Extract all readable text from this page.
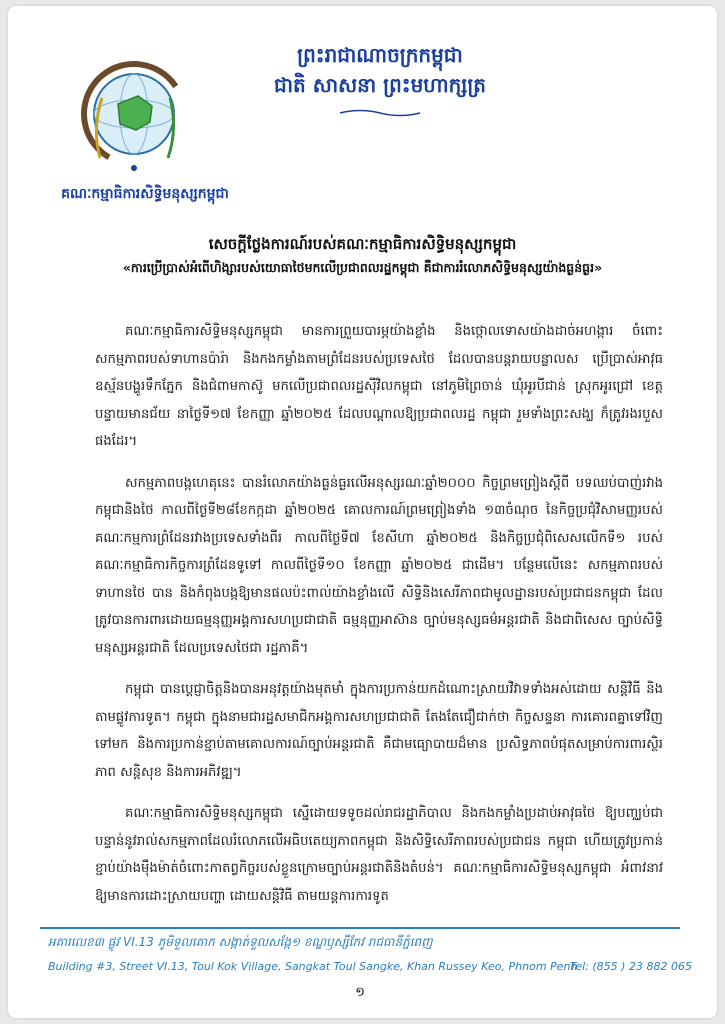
គណៈកម្មាធិការសិទ្ធិមនុស្សកម្ពុជា
ព្រះរាជាណាចក្រកម្ពុជា
ជាតិ សាសនា ព្រះមហាក្សត្រ
សេចក្តីថ្លែងការណ៍របស់គណៈកម្មាធិការសិទ្ធិមនុស្សកម្ពុជា
«ការប្រើប្រាស់អំពើហិង្សារបស់យោធាថៃមកលើប្រជាពលរដ្ឋកម្ពុជា គឺជាការរំលោភសិទ្ធិមនុស្សយ៉ាងធ្ងន់ធ្ងរ»

គណៈកម្មាធិការសិទ្ធិមនុស្សកម្ពុជា មានការព្រួយបារម្ភយ៉ាងខ្លាំង និងថ្កោលទោសយ៉ាងដាច់អហង្ការ ចំពោះសកម្មភាពរបស់ទាហានប៉ារ៉ា និងកងកម្លាំងតាមព្រំដែនរបស់ប្រទេសថៃ ដែលបានបន្តរាយបន្លាលស ប្រើប្រាស់អាវុធ ឧស្ម័នបង្ហូរទឹកភ្នែក និងជំពាមកាស៊ូ មកលើប្រជាពលរដ្ឋស៊ីវិលកម្ពុជា នៅភូមិព្រៃចាន់ ឃុំអូរបីជាន់ ស្រុកអូរជ្រៅ ខេត្តបន្ទាយមានជ័យ នាថ្ងៃទី១៧ ខែកញ្ញា ឆ្នាំ២០២៥ ដែលបណ្តាលឱ្យប្រជាពលរដ្ឋ កម្ពុជា រួមទាំងព្រះសង្ឃ ក៏ត្រូវរងរបួសផងដែរ។

សកម្មភាពបង្កហេតុនេះ បានរំលោភយ៉ាងធ្ងន់ធ្ងរលើអនុស្សរណៈឆ្នាំ២០០០ កិច្ចព្រមព្រៀងស្តីពី បទឈប់បាញ់រវាងកម្ពុជានិងថៃ កាលពីថ្ងៃទី២៨ខែកក្កដា ឆ្នាំ២០២៥ គោលការណ៍ព្រមព្រៀងទាំង ១៣ចំណុច នៃកិច្ចប្រជុំវិសាមញ្ញរបស់គណៈកម្មការព្រំដែនរវាងប្រទេសទាំងពីរ កាលពីថ្ងៃទី៧ ខែសីហា ឆ្នាំ២០២៥ និងកិច្ចប្រជុំពិសេសលើកទី១ របស់គណៈកម្មាធិការកិច្ចការព្រំដែនទូទៅ កាលពីថ្ងៃទី១០ ខែកញ្ញា ឆ្នាំ២០២៥ ជាដើម។ បន្ថែមលើនេះ សកម្មភាពរបស់ទាហានថៃ បាន និងកំពុងបង្កឱ្យមានផលប៉ះពាល់យ៉ាងខ្លាំងលើ សិទ្ធិនិងសេរីភាពជាមូលដ្ឋានរបស់ប្រជាជនកម្ពុជា ដែលត្រូវបានការពារដោយធម្មនុញ្ញអង្គការសហប្រជាជាតិ ធម្មនុញ្ញអាស៊ាន ច្បាប់មនុស្សធម៌អន្តរជាតិ និងជាពិសេស ច្បាប់សិទ្ធិមនុស្សអន្តរជាតិ ដែលប្រទេសថៃជា រដ្ឋភាគី។

កម្ពុជា បានប្តេជ្ញាចិត្តនិងបានអនុវត្តយ៉ាងមុតមាំ ក្នុងការប្រកាន់យកដំណោះស្រាយវិវាទទាំងអស់ដោយ សន្តិវិធី និងតាមផ្លូវការទូត។ កម្ពុជា ក្នុងនាមជារដ្ឋសមាជិកអង្គការសហប្រជាជាតិ តែងតែជឿជាក់ថា កិច្ចសន្ទនា ការគោរពគ្នាទៅវិញទៅមក និងការប្រកាន់ខ្ជាប់តាមគោលការណ៍ច្បាប់អន្តរជាតិ គឺជាមធ្យោបាយដ៏មាន ប្រសិទ្ធភាពបំផុតសម្រាប់ការពារស្ថិរភាព សន្តិសុខ និងការអភិវឌ្ឍ។

គណៈកម្មាធិការសិទ្ធិមនុស្សកម្ពុជា ស្នើដោយទទូចដល់រាជរដ្ឋាភិបាល និងកងកម្លាំងប្រដាប់អាវុធថៃ ឱ្យបញ្ឈប់ជាបន្ទាន់នូវរាល់សកម្មភាពដែលរំលោភលើអធិបតេយ្យភាពកម្ពុជា និងសិទ្ធិសេរីភាពរបស់ប្រជាជន កម្ពុជា ហើយត្រូវប្រកាន់ខ្ជាប់យ៉ាងម៉ឺងម៉ាត់ចំពោះកាតព្វកិច្ចរបស់ខ្លួនក្រោមច្បាប់អន្តរជាតិនិងតំបន់។ គណៈកម្មាធិការសិទ្ធិមនុស្សកម្ពុជា អំពាវនាវឱ្យមានការដោះស្រាយបញ្ហា ដោយសន្តិវិធី តាមយន្តការការទូត

អគារលេខ៣ ផ្លូវ VI.13 ភូមិទួលគោក សង្កាត់ទួលសង្កែ១ ខណ្ឌឫស្សីកែវ រាជធានីភ្នំពេញ
Building #3, Street VI.13, Toul Kok Village, Sangkat Toul Sangke, Khan Russey Keo, Phnom Penh
Tel: (855 ) 23 882 065
១
